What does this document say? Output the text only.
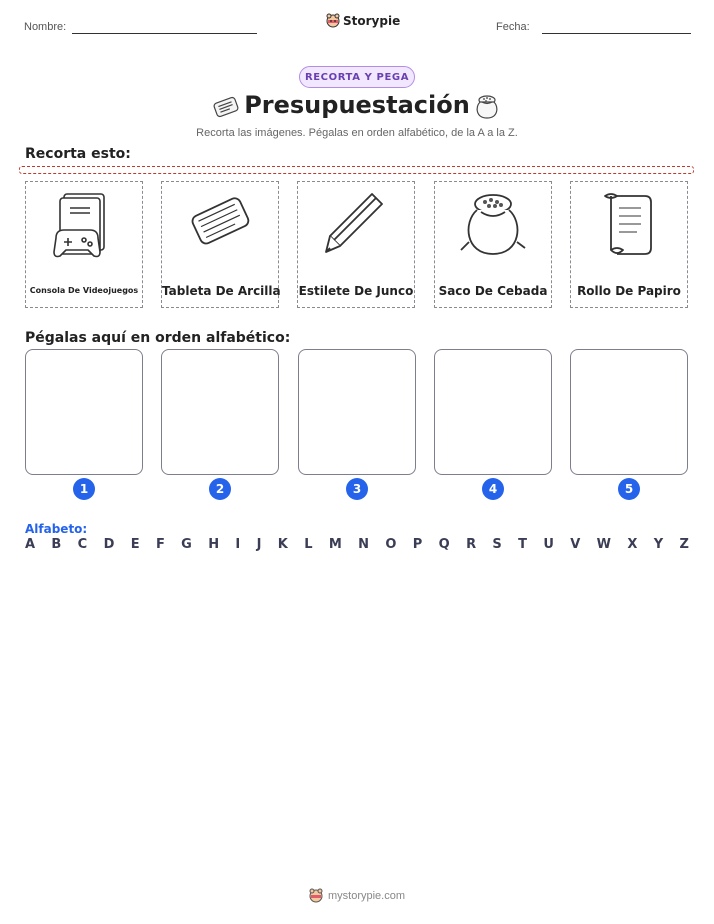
Nombre:	Storypie	Fecha:
RECORTA Y PEGA
Presupuestación
Recorta las imágenes. Pégalas en orden alfabético, de la A a la Z.
Recorta esto:
Consola De Videojuegos	Tableta De Arcilla Estilete De Junco Saco De Cebada	Rollo De Papiro
Pégalas aquí en orden alfabético:
1	2	3	4	5
Alfabeto:
A B C D E F G H I J K L M N O P Q R S T U V W X Y Z
mystorypie.com
